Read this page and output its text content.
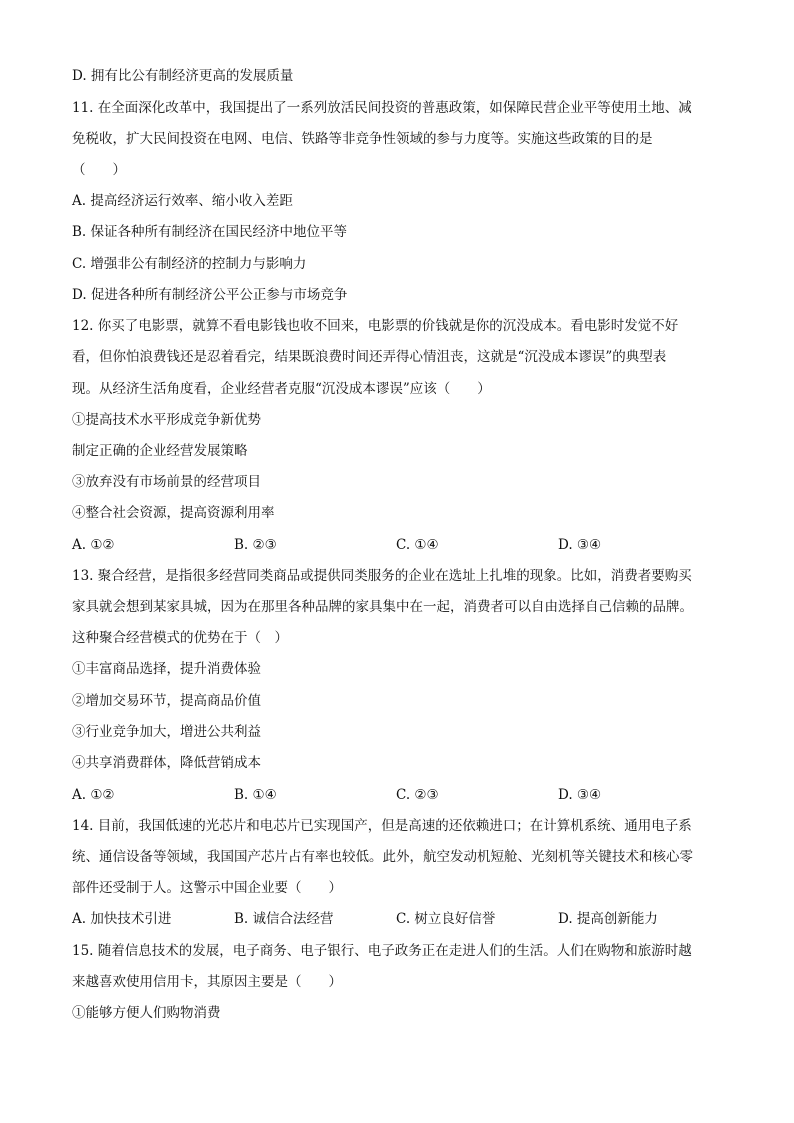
D. 拥有比公有制经济更高的发展质量
11. 在全面深化改革中，我国提出了一系列放活民间投资的普惠政策，如保障民营企业平等使用土地、减
免税收，扩大民间投资在电网、电信、铁路等非竞争性领域的参与力度等。实施这些政策的目的是
（　　）
A. 提高经济运行效率、缩小收入差距
B. 保证各种所有制经济在国民经济中地位平等
C. 增强非公有制经济的控制力与影响力
D. 促进各种所有制经济公平公正参与市场竞争
12. 你买了电影票，就算不看电影钱也收不回来，电影票的价钱就是你的沉没成本。看电影时发觉不好
看，但你怕浪费钱还是忍着看完，结果既浪费时间还弄得心情沮丧，这就是“沉没成本谬误”的典型表
现。从经济生活角度看，企业经营者克服“沉没成本谬误”应该（　　）
①提高技术水平形成竞争新优势
制定正确的企业经营发展策略
③放弃没有市场前景的经营项目
④整合社会资源，提高资源利用率
A. ①②	B. ②③	C. ①④	D. ③④
13. 聚合经营，是指很多经营同类商品或提供同类服务的企业在选址上扎堆的现象。比如，消费者要购买
家具就会想到某家具城，因为在那里各种品牌的家具集中在一起，消费者可以自由选择自己信赖的品牌。
这种聚合经营模式的优势在于（　）
①丰富商品选择，提升消费体验
②增加交易环节，提高商品价值
③行业竞争加大，增进公共利益
④共享消费群体，降低营销成本
A. ①②	B. ①④	C. ②③	D. ③④
14. 目前，我国低速的光芯片和电芯片已实现国产，但是高速的还依赖进口；在计算机系统、通用电子系
统、通信设备等领域，我国国产芯片占有率也较低。此外，航空发动机短舱、光刻机等关键技术和核心零
部件还受制于人。这警示中国企业要（　　）
A. 加快技术引进	B. 诚信合法经营	C. 树立良好信誉	D. 提高创新能力
15. 随着信息技术的发展，电子商务、电子银行、电子政务正在走进人们的生活。人们在购物和旅游时越
来越喜欢使用信用卡，其原因主要是（　　）
①能够方便人们购物消费
